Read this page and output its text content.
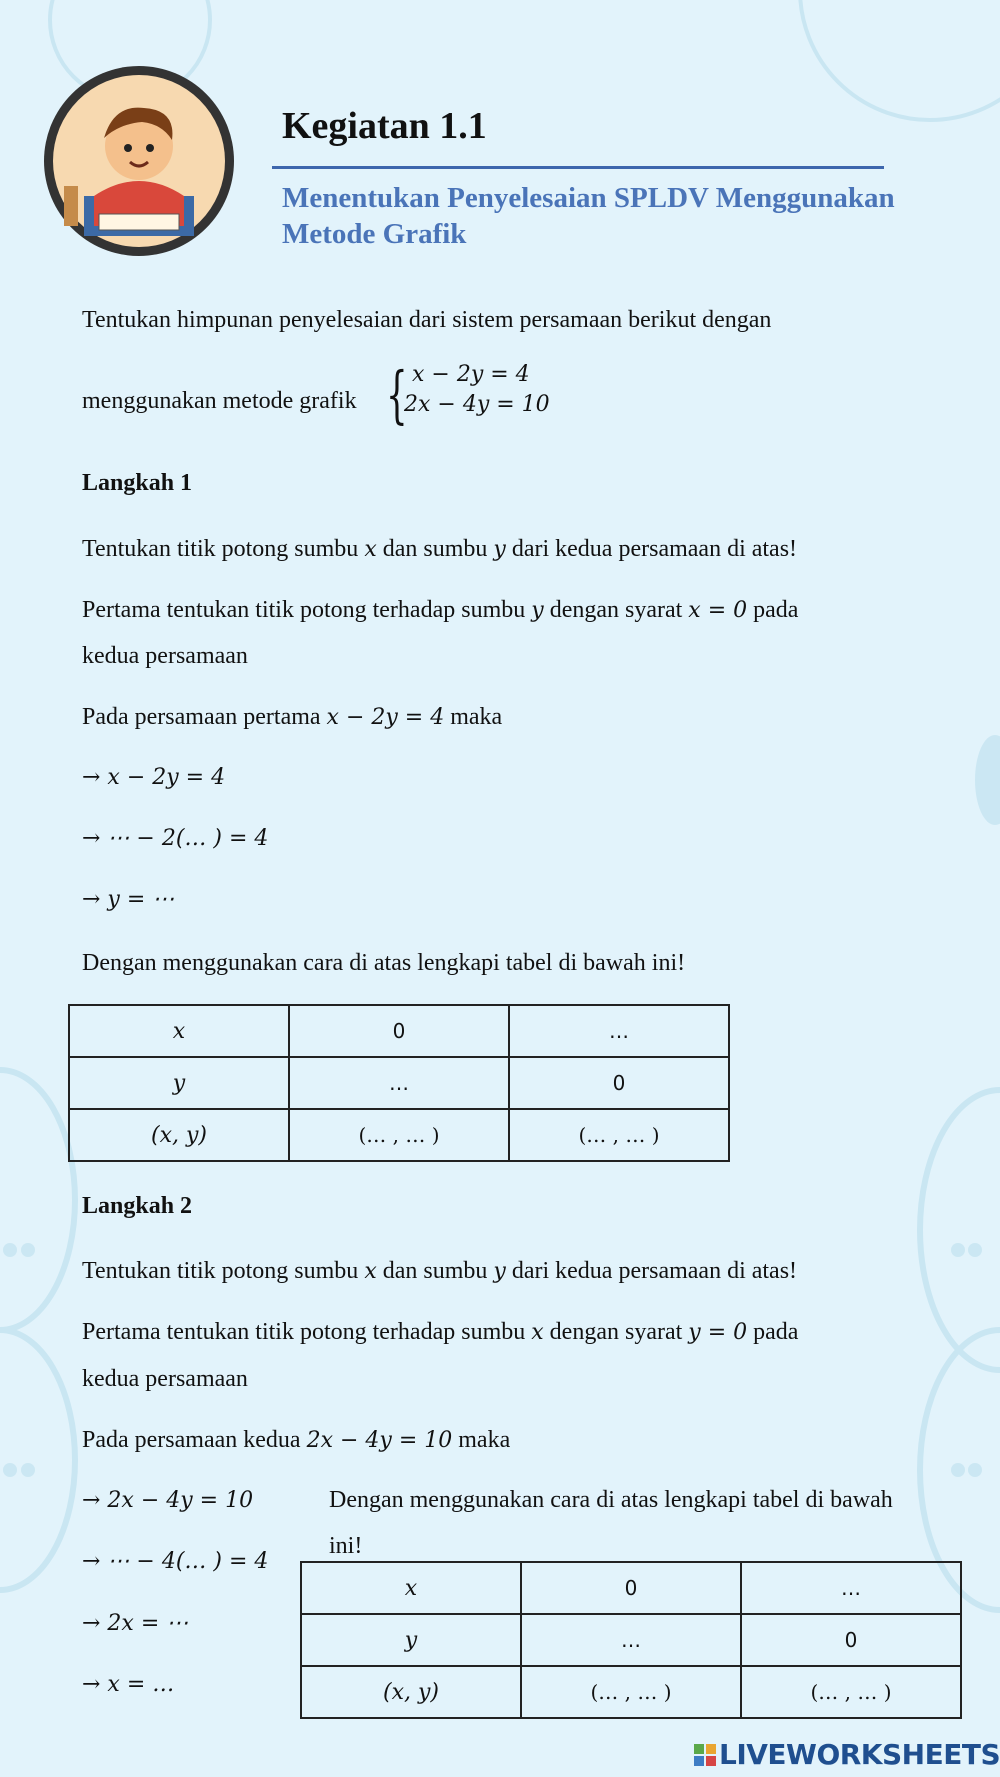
Kegiatan 1.1
Menentukan Penyelesaian SPLDV Menggunakan Metode Grafik
Tentukan himpunan penyelesaian dari sistem persamaan berikut dengan
menggunakan metode grafik { x − 2y = 4
2x − 4y = 10
Langkah 1
Tentukan titik potong sumbu x dan sumbu y dari kedua persamaan di atas!
Pertama tentukan titik potong terhadap sumbu y dengan syarat x = 0 pada
kedua persamaan
Pada persamaan pertama x − 2y = 4 maka
→ x − 2y = 4
→ ⋯ − 2(… ) = 4
→ y = ⋯
Dengan menggunakan cara di atas lengkapi tabel di bawah ini!
x	0	…
y	…	0
(x, y)	(… , … )	(… , … )
Langkah 2
Tentukan titik potong sumbu x dan sumbu y dari kedua persamaan di atas!
Pertama tentukan titik potong terhadap sumbu x dengan syarat y = 0 pada
kedua persamaan
Pada persamaan kedua 2x − 4y = 10 maka
→ 2x − 4y = 10
→ ⋯ − 4(… ) = 4
→ 2x = ⋯
→ x = …
Dengan menggunakan cara di atas lengkapi tabel di bawah
ini!
x	0	…
y	…	0
(x, y)	(… , … )	(… , … )
LIVEWORKSHEETS
